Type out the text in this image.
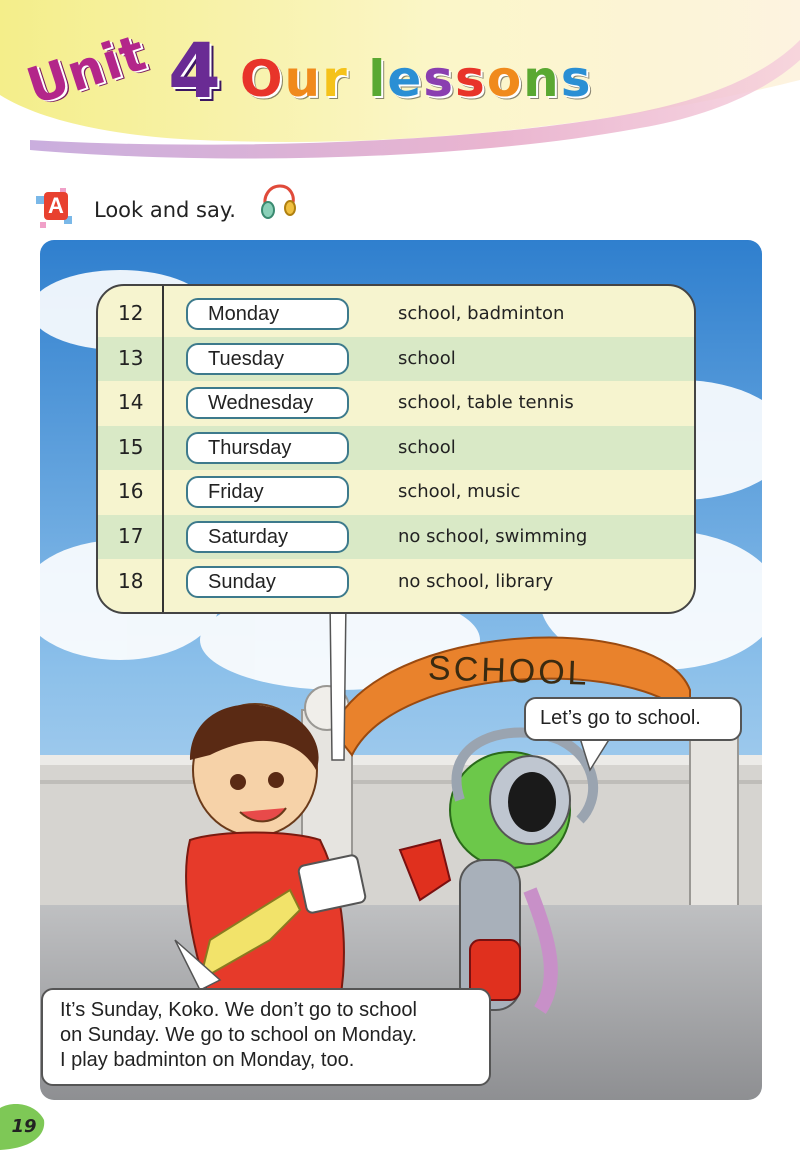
Unit 4 Our lessons
A Look and say.
12	Monday	school, badminton
13	Tuesday	school
14	Wednesday	school, table tennis
15	Thursday	school
16	Friday	school, music
17	Saturday	no school, swimming
18	Sunday	no school, library
SCHOOL
Let’s go to school.

It’s Sunday, Koko. We don’t go to school

on Sunday. We go to school on Monday.

I play badminton on Monday, too.

19
